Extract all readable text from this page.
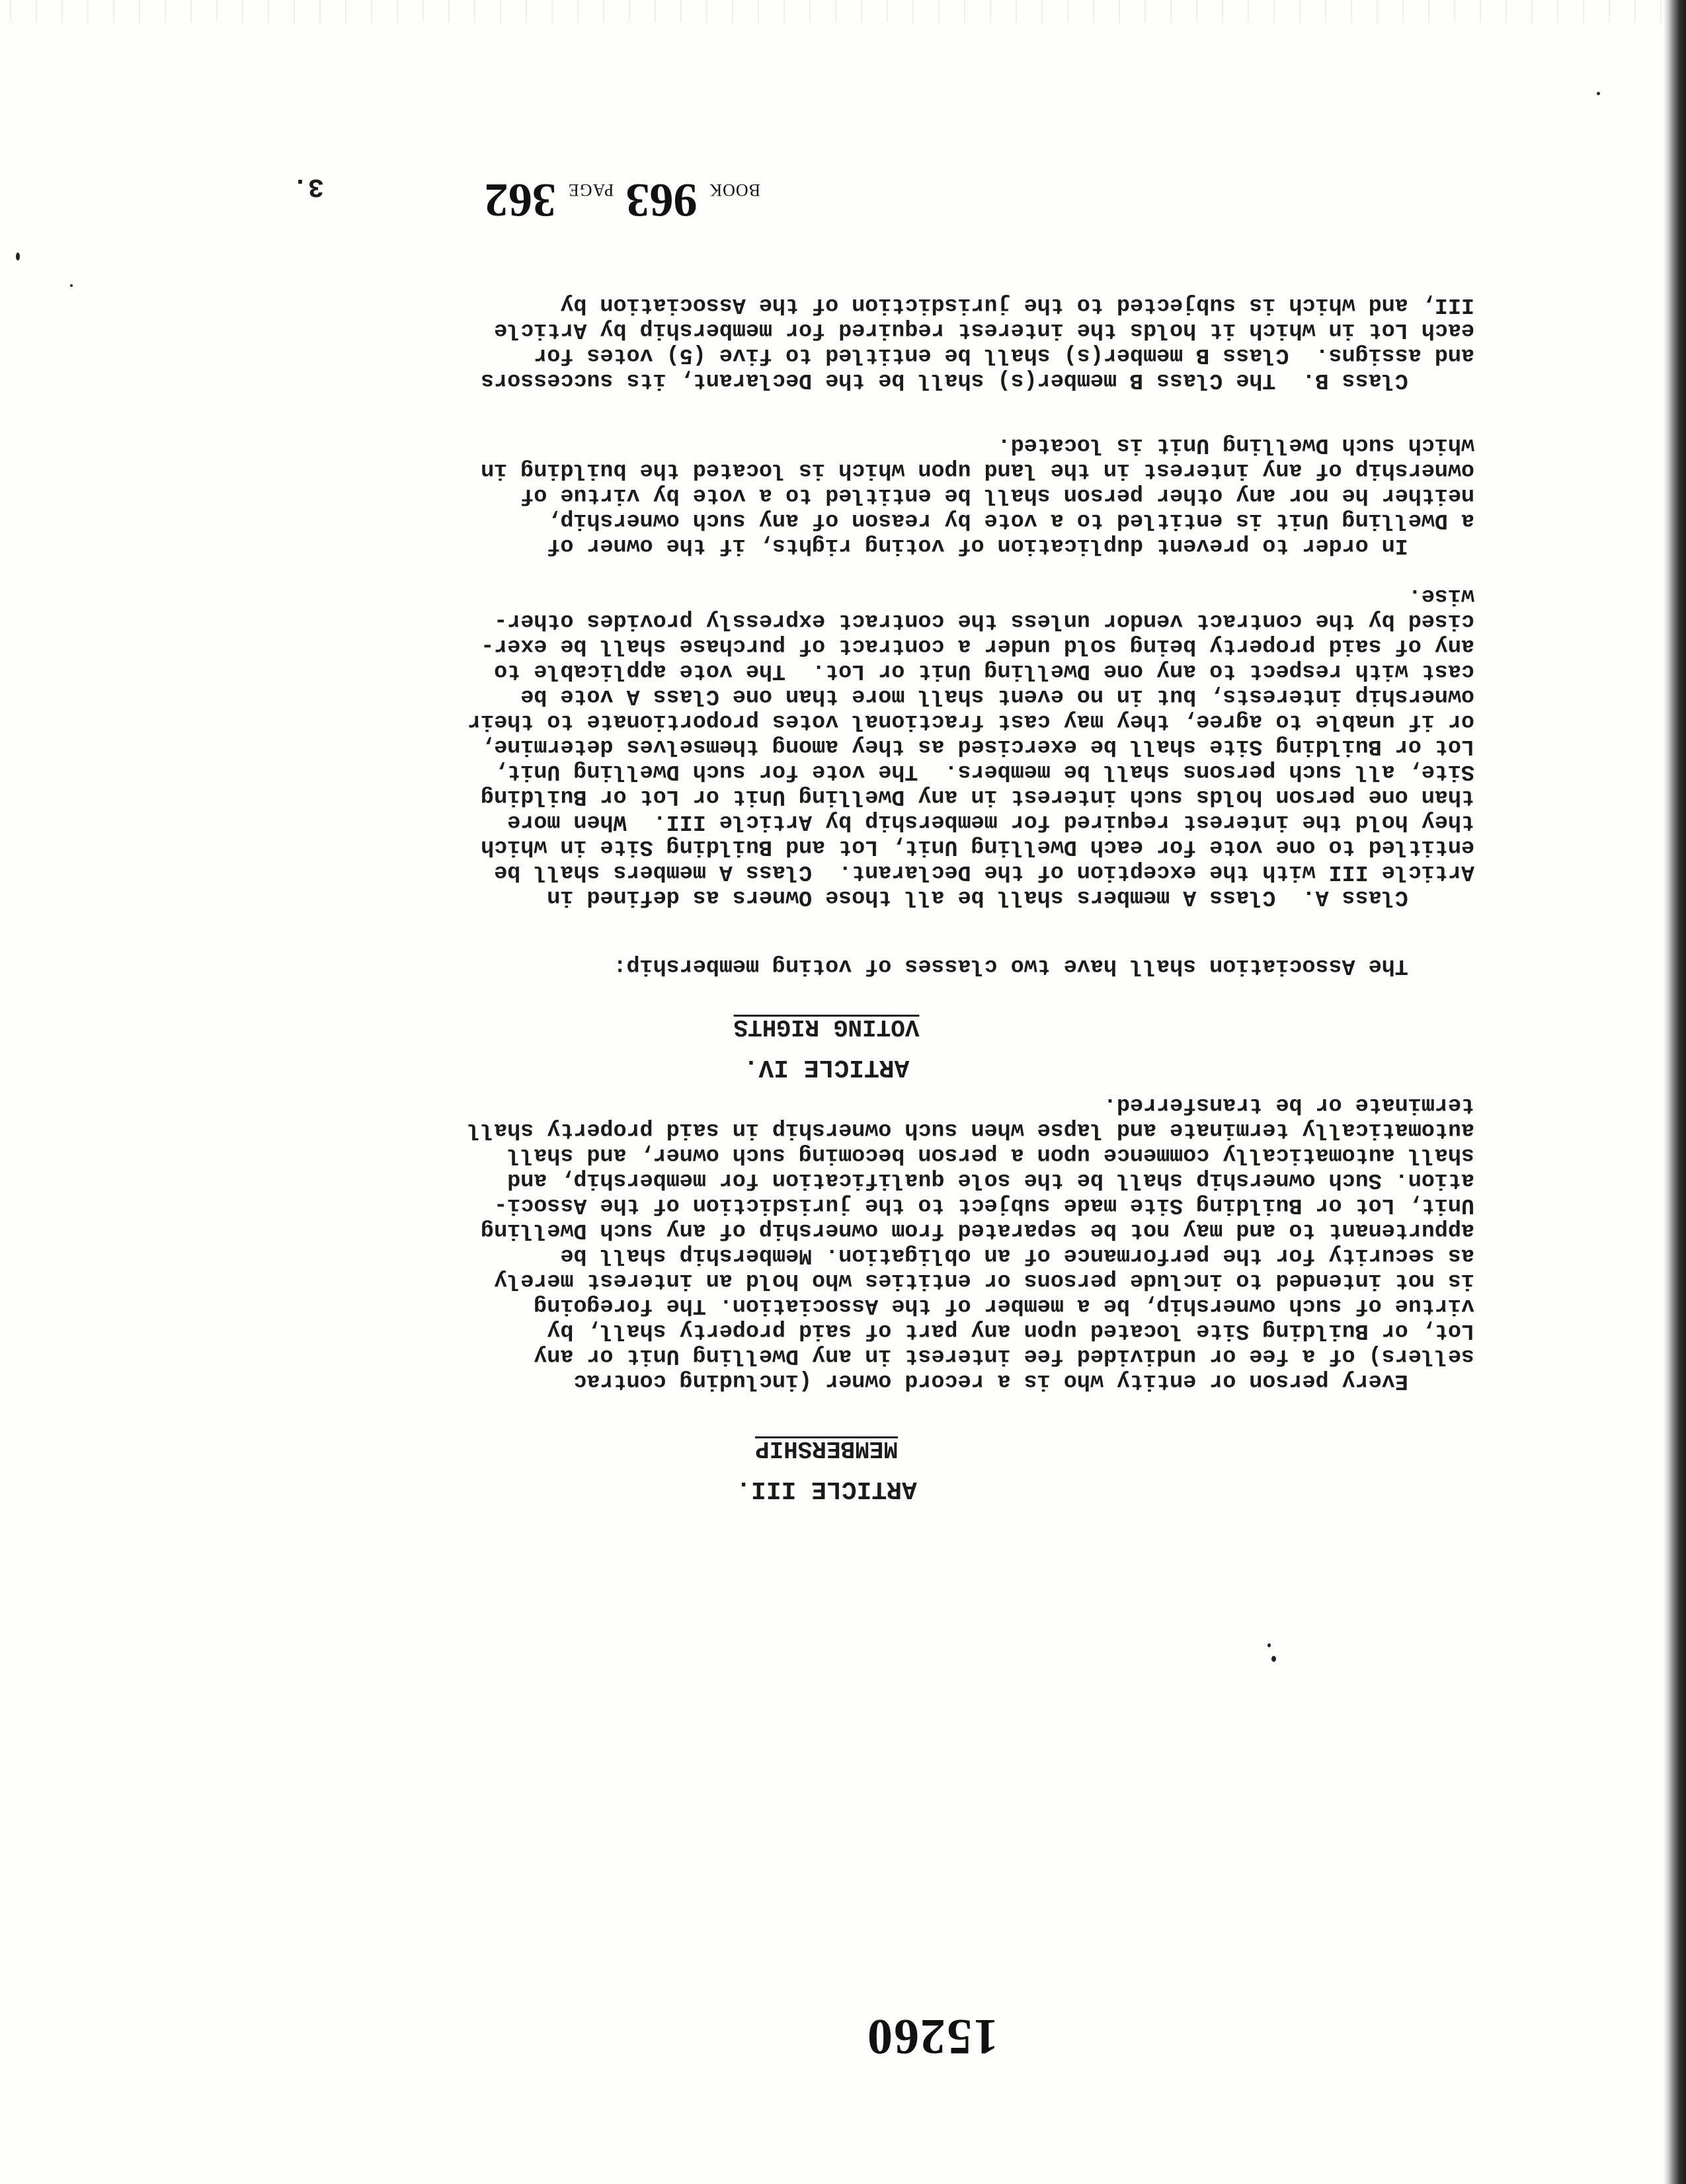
15260
ARTICLE III.
MEMBERSHIP
Every person or entity who is a record owner (including contrac
sellers) of a fee or undivided fee interest in any Dwelling Unit or any
Lot, or Building Site located upon any part of said property shall, by
virtue of such ownership, be a member of the Association. The foregoing
is not intended to include persons or entities who hold an interest merely
as security for the performance of an obligation. Membership shall be
appurtenant to and may not be separated from ownership of any such Dwelling
Unit, Lot or Building Site made subject to the jurisdiction of the Associ-
ation. Such ownership shall be the sole qualification for membership, and
shall automatically commence upon a person becoming such owner, and shall
automatically terminate and lapse when such ownership in said property shall
terminate or be transferred.
ARTICLE IV.
VOTING RIGHTS
The Association shall have two classes of voting membership:
Class A.  Class A members shall be all those Owners as defined in
Article III with the exception of the Declarant.  Class A members shall be
entitled to one vote for each Dwelling Unit, Lot and Building Site in which
they hold the interest required for membership by Article III.  When more
than one person holds such interest in any Dwelling Unit or Lot or Building
Site, all such persons shall be members.  The vote for such Dwelling Unit,
Lot or Building Site shall be exercised as they among themselves determine,
or if unable to agree, they may cast fractional votes proportionate to their
ownership interests, but in no event shall more than one Class A vote be
cast with respect to any one Dwelling Unit or Lot.  The vote applicable to
any of said property being sold under a contract of purchase shall be exer-
cised by the contract vendor unless the contract expressly provides other-
wise.
In order to prevent duplication of voting rights, if the owner of
a Dwelling Unit is entitled to a vote by reason of any such ownership,
neither he nor any other person shall be entitled to a vote by virtue of
ownership of any interest in the land upon which is located the building in
which such Dwelling Unit is located.
Class B.  The Class B member(s) shall be the Declarant, its successors
and assigns.  Class B member(s) shall be entitled to five (5) votes for
each Lot in which it holds the interest required for membership by Article
III, and which is subjected to the jurisdiction of the Association by
3.	BOOK
963
PAGE
362
